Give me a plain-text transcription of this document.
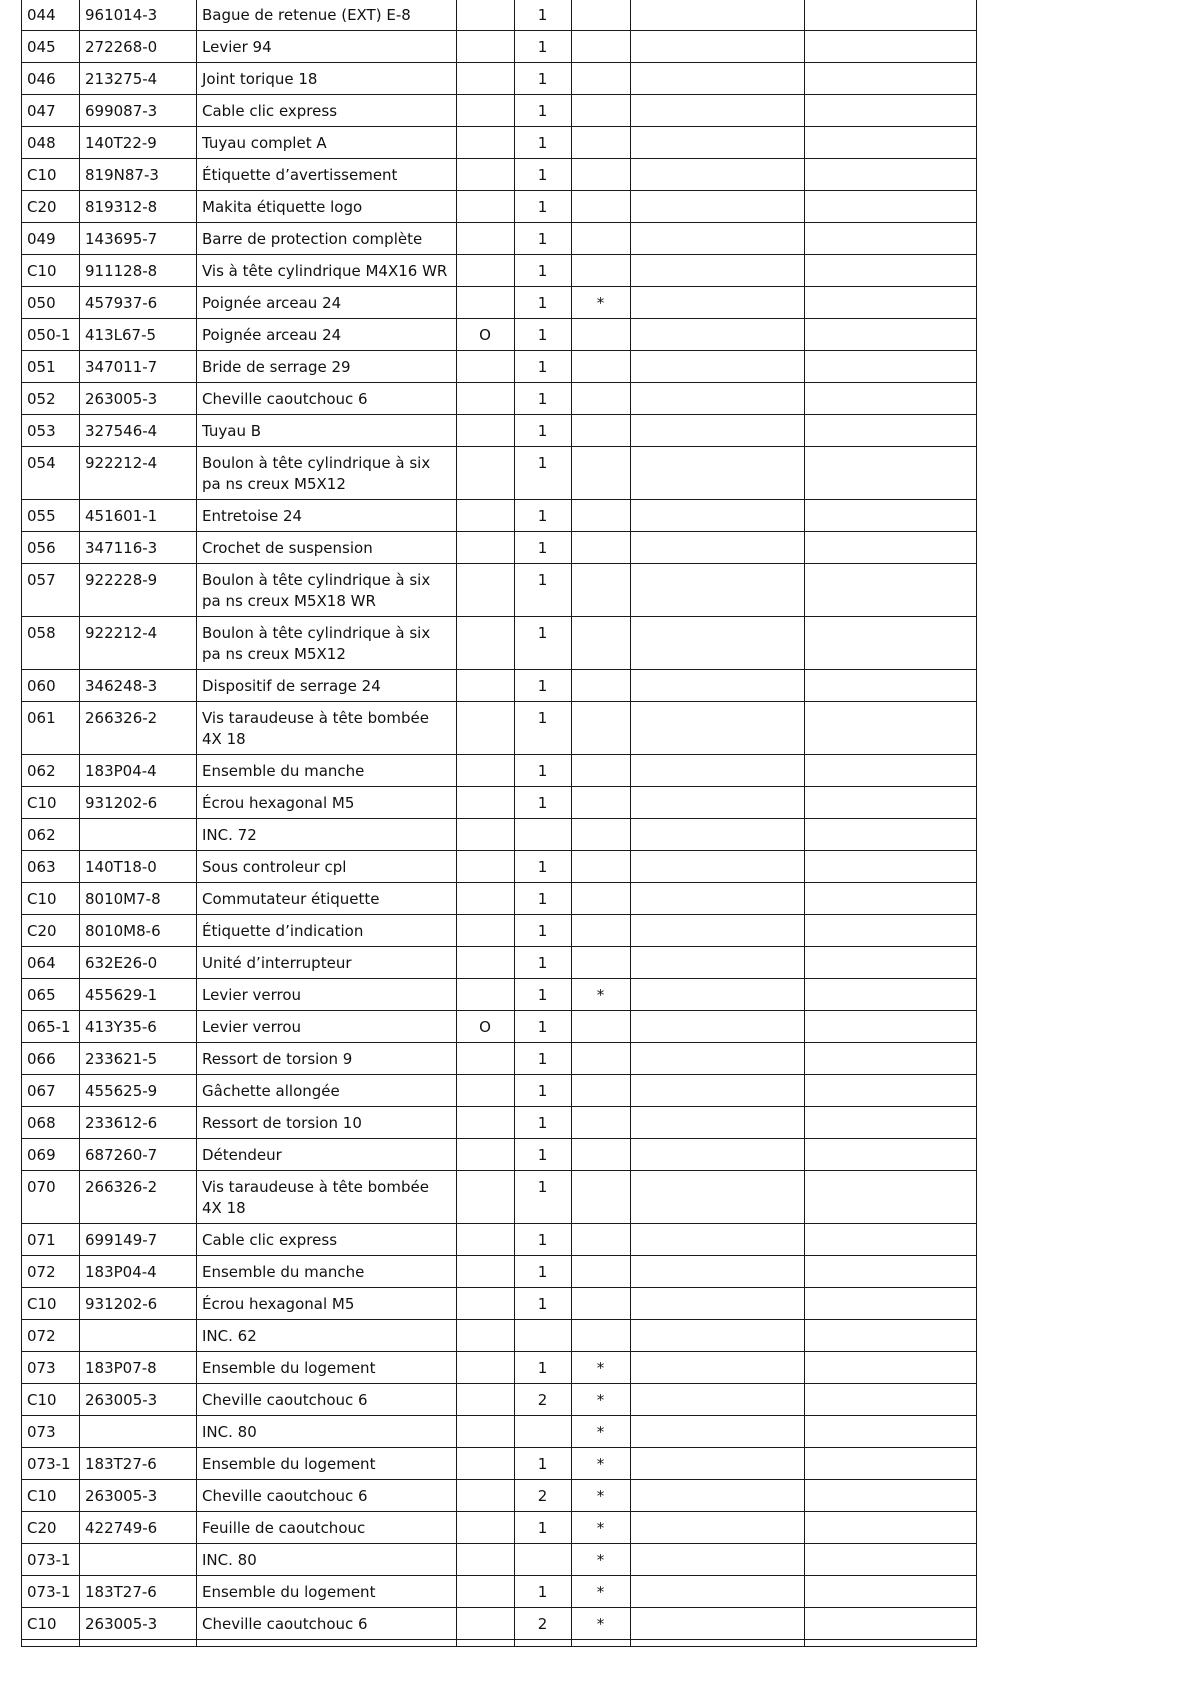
044	961014-3	Bague de retenue (EXT) E-8		1			
045	272268-0	Levier 94		1			
046	213275-4	Joint torique 18		1			
047	699087-3	Cable clic express		1			
048	140T22-9	Tuyau complet A		1			
C10	819N87-3	Étiquette d’avertissement		1			
C20	819312-8	Makita étiquette logo		1			
049	143695-7	Barre de protection complète		1			
C10	911128-8	Vis à tête cylindrique M4X16 WR		1			
050	457937-6	Poignée arceau 24		1	*		
050-1	413L67-5	Poignée arceau 24	O	1			
051	347011-7	Bride de serrage 29		1			
052	263005-3	Cheville caoutchouc 6		1			
053	327546-4	Tuyau B		1			
054	922212-4	Boulon à tête cylindrique à six pa ns creux M5X12		1			
055	451601-1	Entretoise 24		1			
056	347116-3	Crochet de suspension		1			
057	922228-9	Boulon à tête cylindrique à six pa ns creux M5X18 WR		1			
058	922212-4	Boulon à tête cylindrique à six pa ns creux M5X12		1			
060	346248-3	Dispositif de serrage 24		1			
061	266326-2	Vis taraudeuse à tête bombée 4X 18		1			
062	183P04-4	Ensemble du manche		1			
C10	931202-6	Écrou hexagonal M5		1			
062		INC. 72					
063	140T18-0	Sous controleur cpl		1			
C10	8010M7-8	Commutateur étiquette		1			
C20	8010M8-6	Étiquette d’indication		1			
064	632E26-0	Unité d’interrupteur		1			
065	455629-1	Levier verrou		1	*		
065-1	413Y35-6	Levier verrou	O	1			
066	233621-5	Ressort de torsion 9		1			
067	455625-9	Gâchette allongée		1			
068	233612-6	Ressort de torsion 10		1			
069	687260-7	Détendeur		1			
070	266326-2	Vis taraudeuse à tête bombée 4X 18		1			
071	699149-7	Cable clic express		1			
072	183P04-4	Ensemble du manche		1			
C10	931202-6	Écrou hexagonal M5		1			
072		INC. 62					
073	183P07-8	Ensemble du logement		1	*		
C10	263005-3	Cheville caoutchouc 6		2	*		
073		INC. 80			*		
073-1	183T27-6	Ensemble du logement		1	*		
C10	263005-3	Cheville caoutchouc 6		2	*		
C20	422749-6	Feuille de caoutchouc		1	*		
073-1		INC. 80			*		
073-1	183T27-6	Ensemble du logement		1	*		
C10	263005-3	Cheville caoutchouc 6		2	*		
